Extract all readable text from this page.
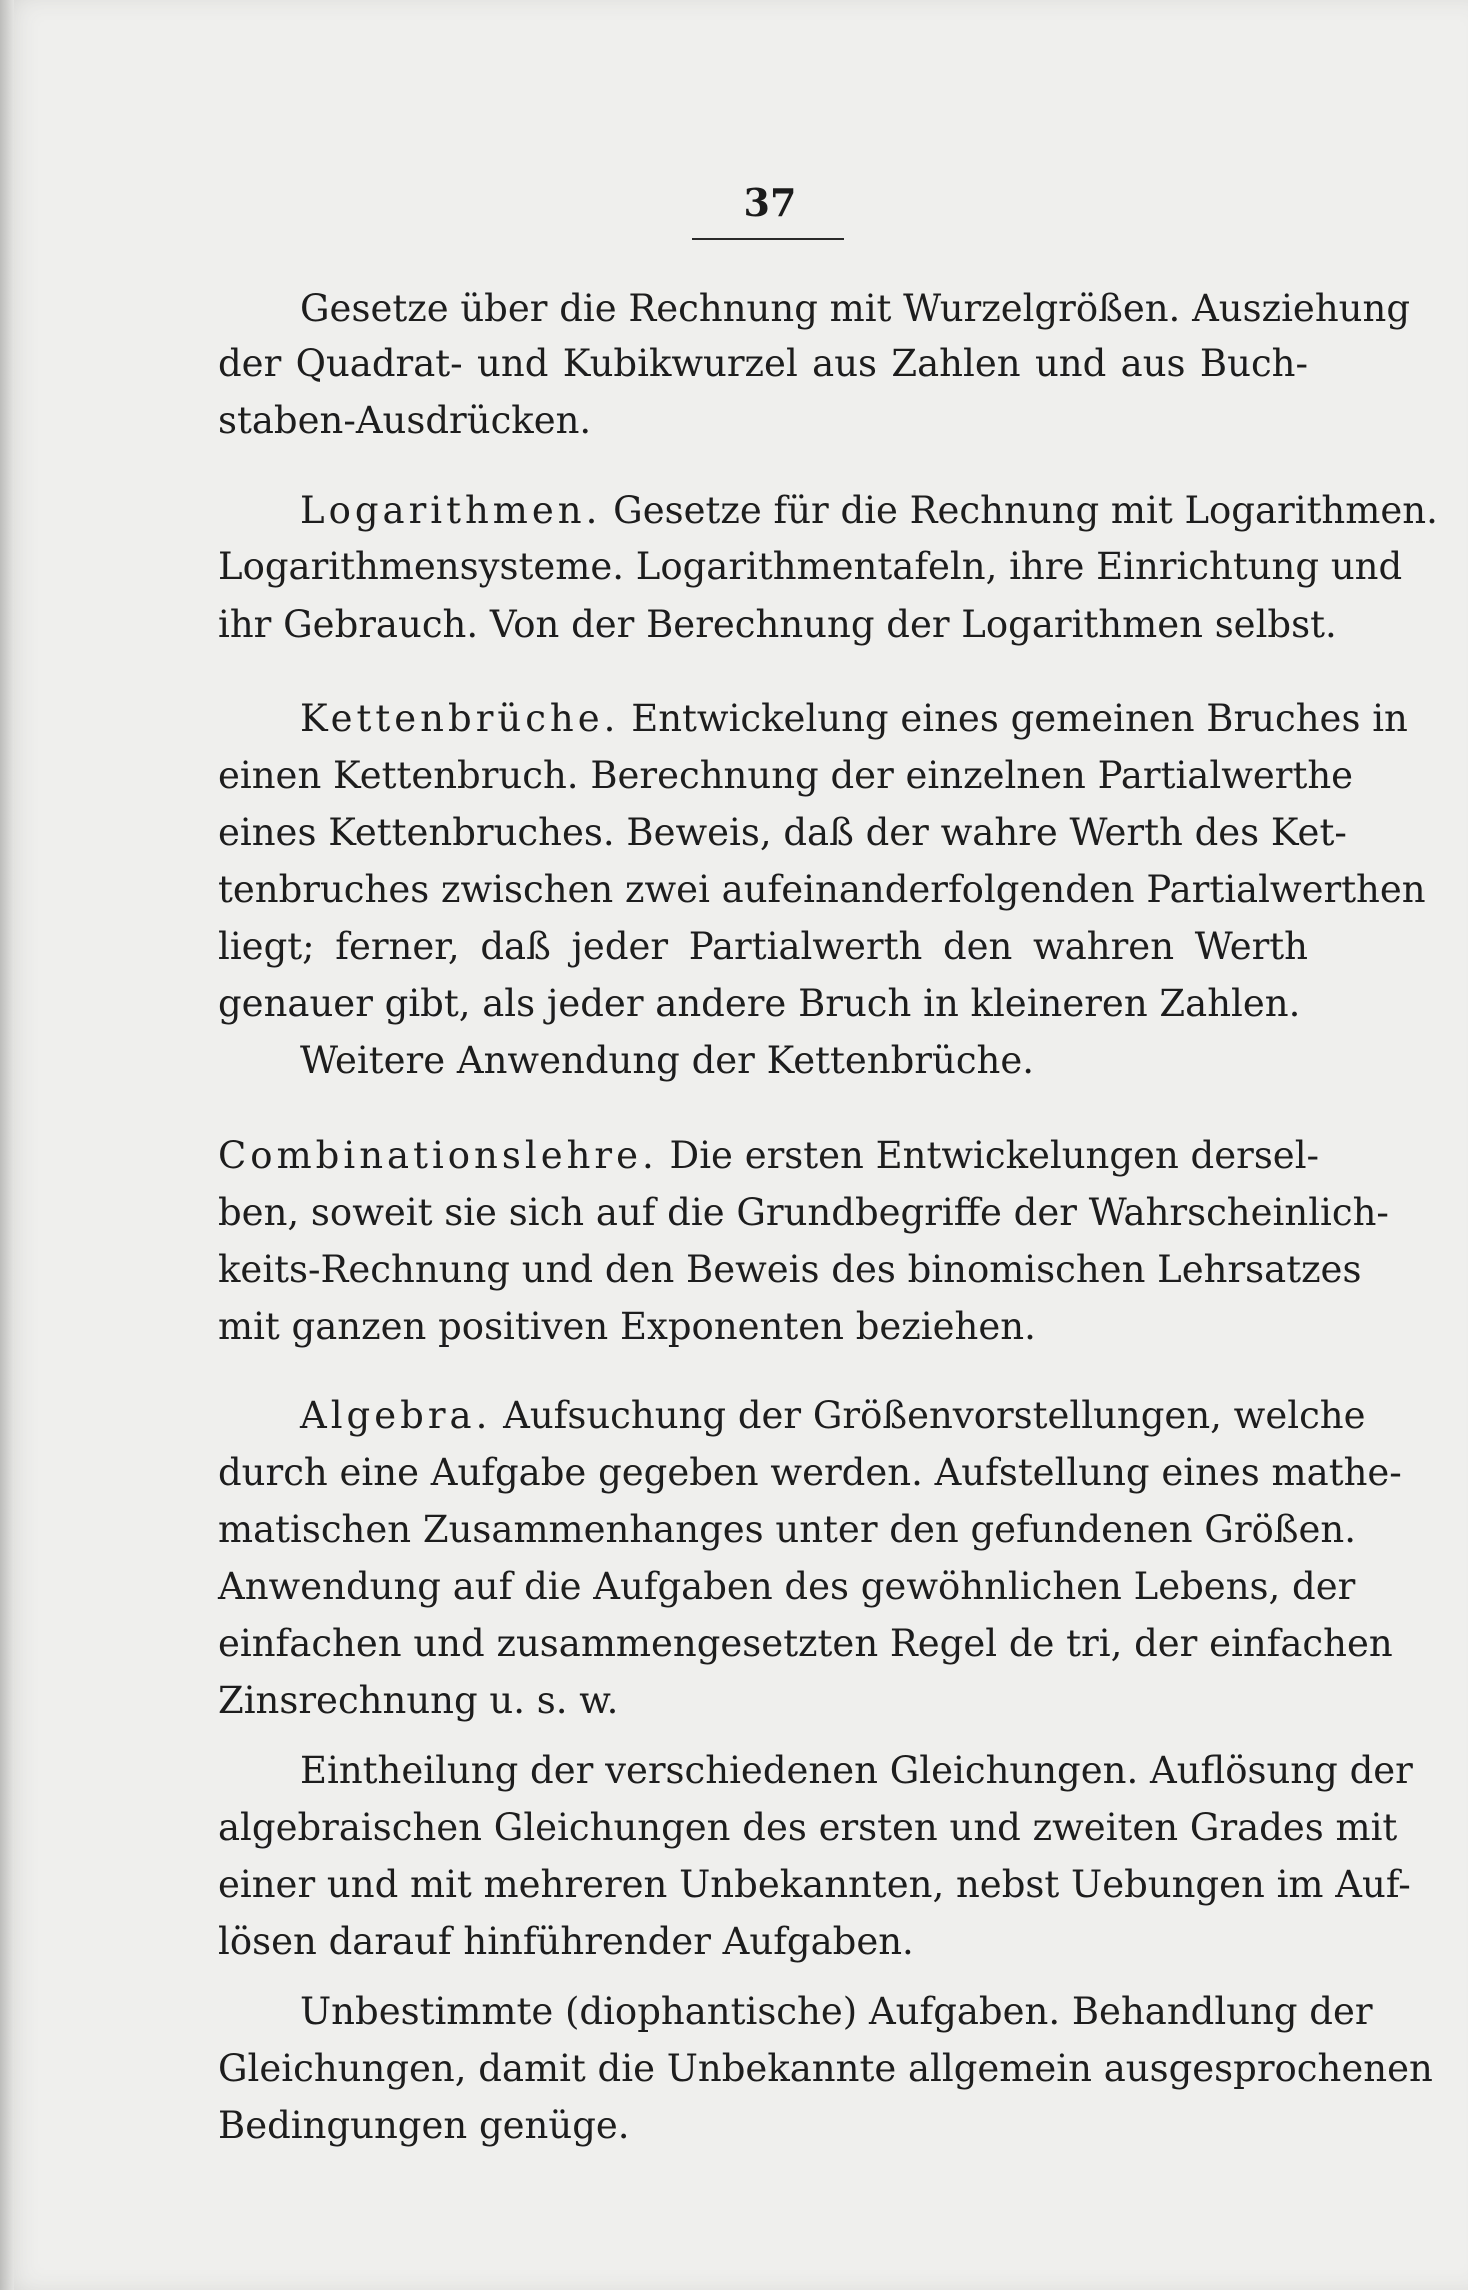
37
Gesetze über die Rechnung mit Wurzelgrößen. Ausziehung
der Quadrat- und Kubikwurzel aus Zahlen und aus Buch-
staben-Ausdrücken.
Logarithmen. Gesetze für die Rechnung mit Logarithmen.
Logarithmensysteme. Logarithmentafeln, ihre Einrichtung und
ihr Gebrauch. Von der Berechnung der Logarithmen selbst.
Kettenbrüche. Entwickelung eines gemeinen Bruches in
einen Kettenbruch. Berechnung der einzelnen Partialwerthe
eines Kettenbruches. Beweis, daß der wahre Werth des Ket-
tenbruches zwischen zwei aufeinanderfolgenden Partialwerthen
liegt; ferner, daß jeder Partialwerth den wahren Werth
genauer gibt, als jeder andere Bruch in kleineren Zahlen.
Weitere Anwendung der Kettenbrüche.
Combinationslehre. Die ersten Entwickelungen dersel-
ben, soweit sie sich auf die Grundbegriffe der Wahrscheinlich-
keits-Rechnung und den Beweis des binomischen Lehrsatzes
mit ganzen positiven Exponenten beziehen.
Algebra. Aufsuchung der Größenvorstellungen, welche
durch eine Aufgabe gegeben werden. Aufstellung eines mathe-
matischen Zusammenhanges unter den gefundenen Größen.
Anwendung auf die Aufgaben des gewöhnlichen Lebens, der
einfachen und zusammengesetzten Regel de tri, der einfachen
Zinsrechnung u. s. w.
Eintheilung der verschiedenen Gleichungen. Auflösung der
algebraischen Gleichungen des ersten und zweiten Grades mit
einer und mit mehreren Unbekannten, nebst Uebungen im Auf-
lösen darauf hinführender Aufgaben.
Unbestimmte (diophantische) Aufgaben. Behandlung der
Gleichungen, damit die Unbekannte allgemein ausgesprochenen
Bedingungen genüge.
